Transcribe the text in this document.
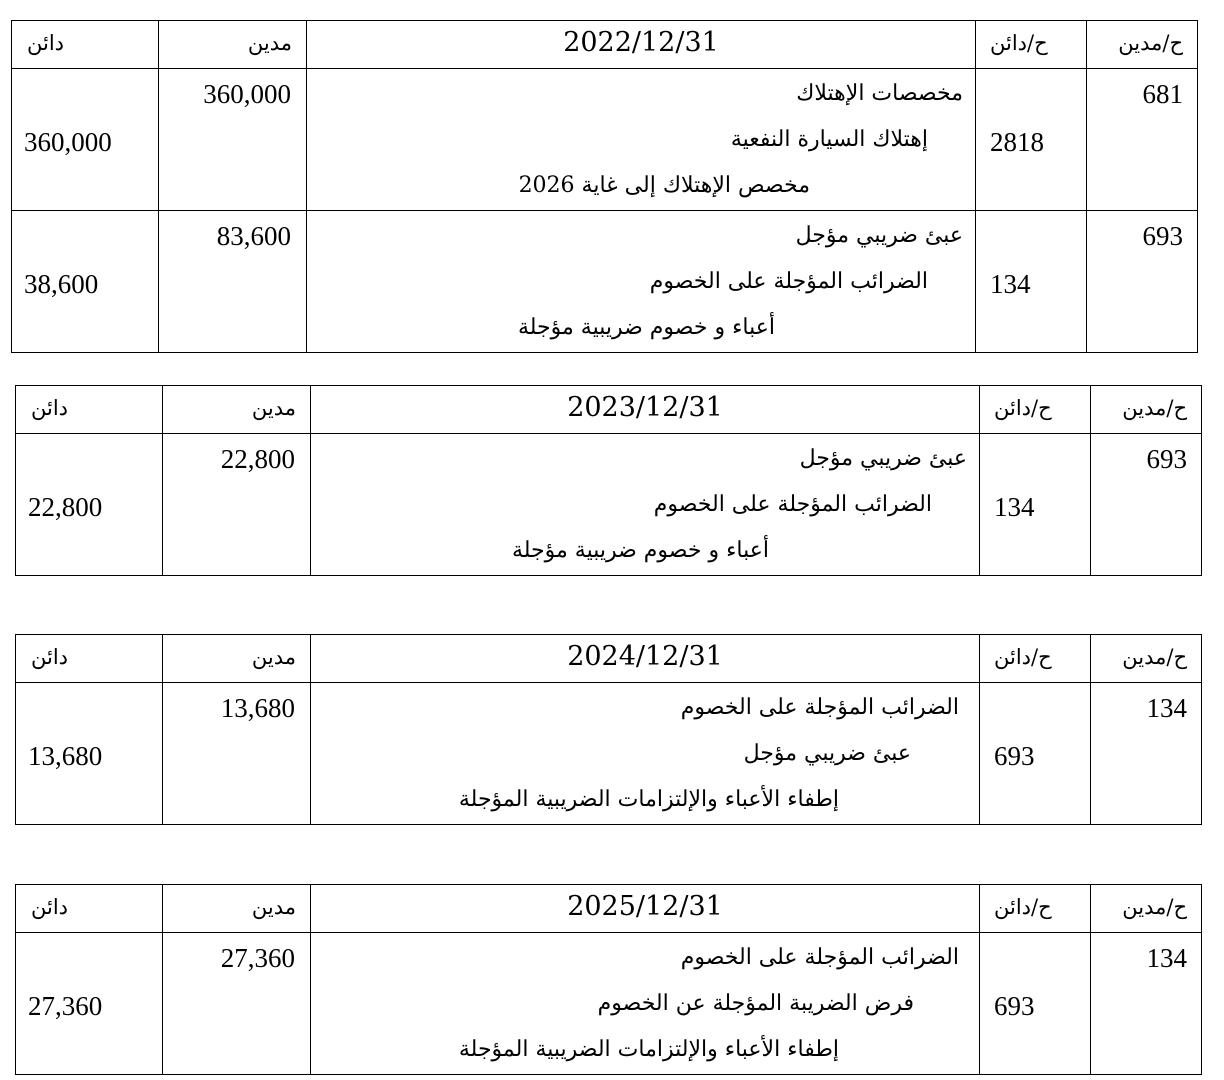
دائن	مدين	2022/12/31	ح/دائن	ح/مدين

360,000	360,000	مخصصات الإهتلاك
إهتلاك السيارة النفعية
مخصص الإهتلاك إلى غاية 2026	2818	681

38,600	83,600	عبئ ضريبي مؤجل
الضرائب المؤجلة على الخصوم
أعباء و خصوم ضريبية مؤجلة	134	693
دائن	مدين	2023/12/31	ح/دائن	ح/مدين

22,800	22,800	عبئ ضريبي مؤجل
الضرائب المؤجلة على الخصوم
أعباء و خصوم ضريبية مؤجلة	134	693
دائن	مدين	2024/12/31	ح/دائن	ح/مدين

13,680	13,680	الضرائب المؤجلة على الخصوم
عبئ ضريبي مؤجل
إطفاء الأعباء والإلتزامات الضريبية المؤجلة	693	134
دائن	مدين	2025/12/31	ح/دائن	ح/مدين

27,360	27,360	الضرائب المؤجلة على الخصوم
فرض الضريبة المؤجلة عن الخصوم
إطفاء الأعباء والإلتزامات الضريبية المؤجلة	693	134
